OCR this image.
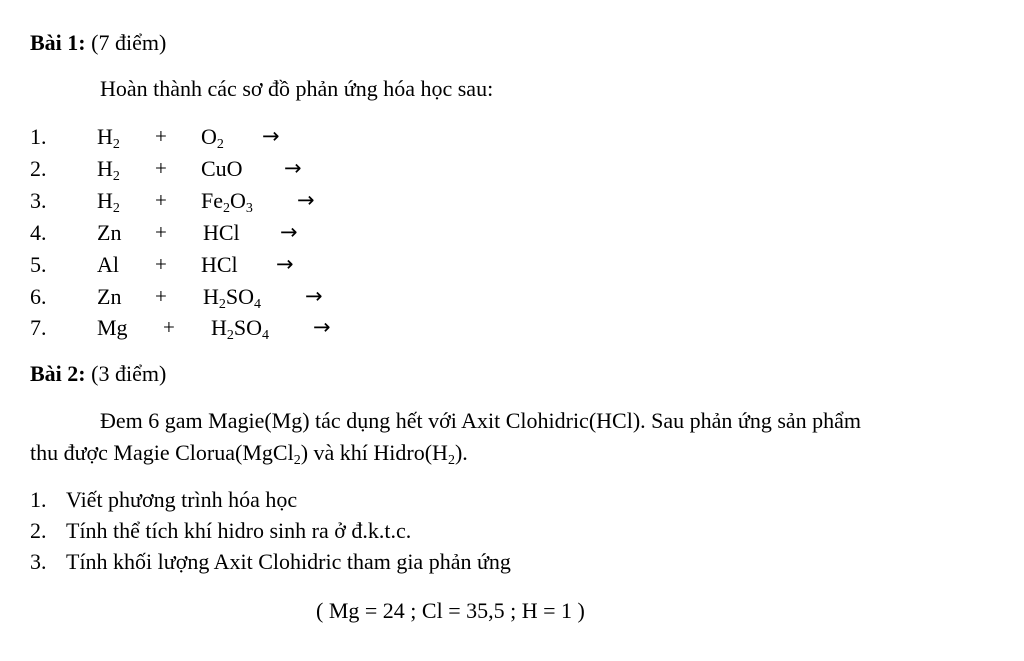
Bài 1: (7 điểm)
Hoàn thành các sơ đồ phản ứng hóa học sau:
1. $H_2 + O_2$ →
2. $H_2$ + CuO →
3. $H_2 + Fe_2O_3$ →
4. Zn + HCl →
5. Al + HCl →
6. $Zn + H_2SO_4$ →
7. $Mg + H_2SO_4$ →
Bài 2: (3 điểm)
Đem 6 gam Magie(Mg) tác dụng hết với Axit Clohidric(HCl). Sau phản ứng sản phẩm
thu được Magie Clorua(MgCl$_2$) và khí $Hidro(H_2)$.
1. Viết phương trình hóa học
2. Tính thể tích khí hidro sinh ra ở đ.k.t.c.
3. Tính khối lượng Axit Clohidric tham gia phản ứng
( Mg = 24 ; Cl = 35,5 ; H = 1 )
